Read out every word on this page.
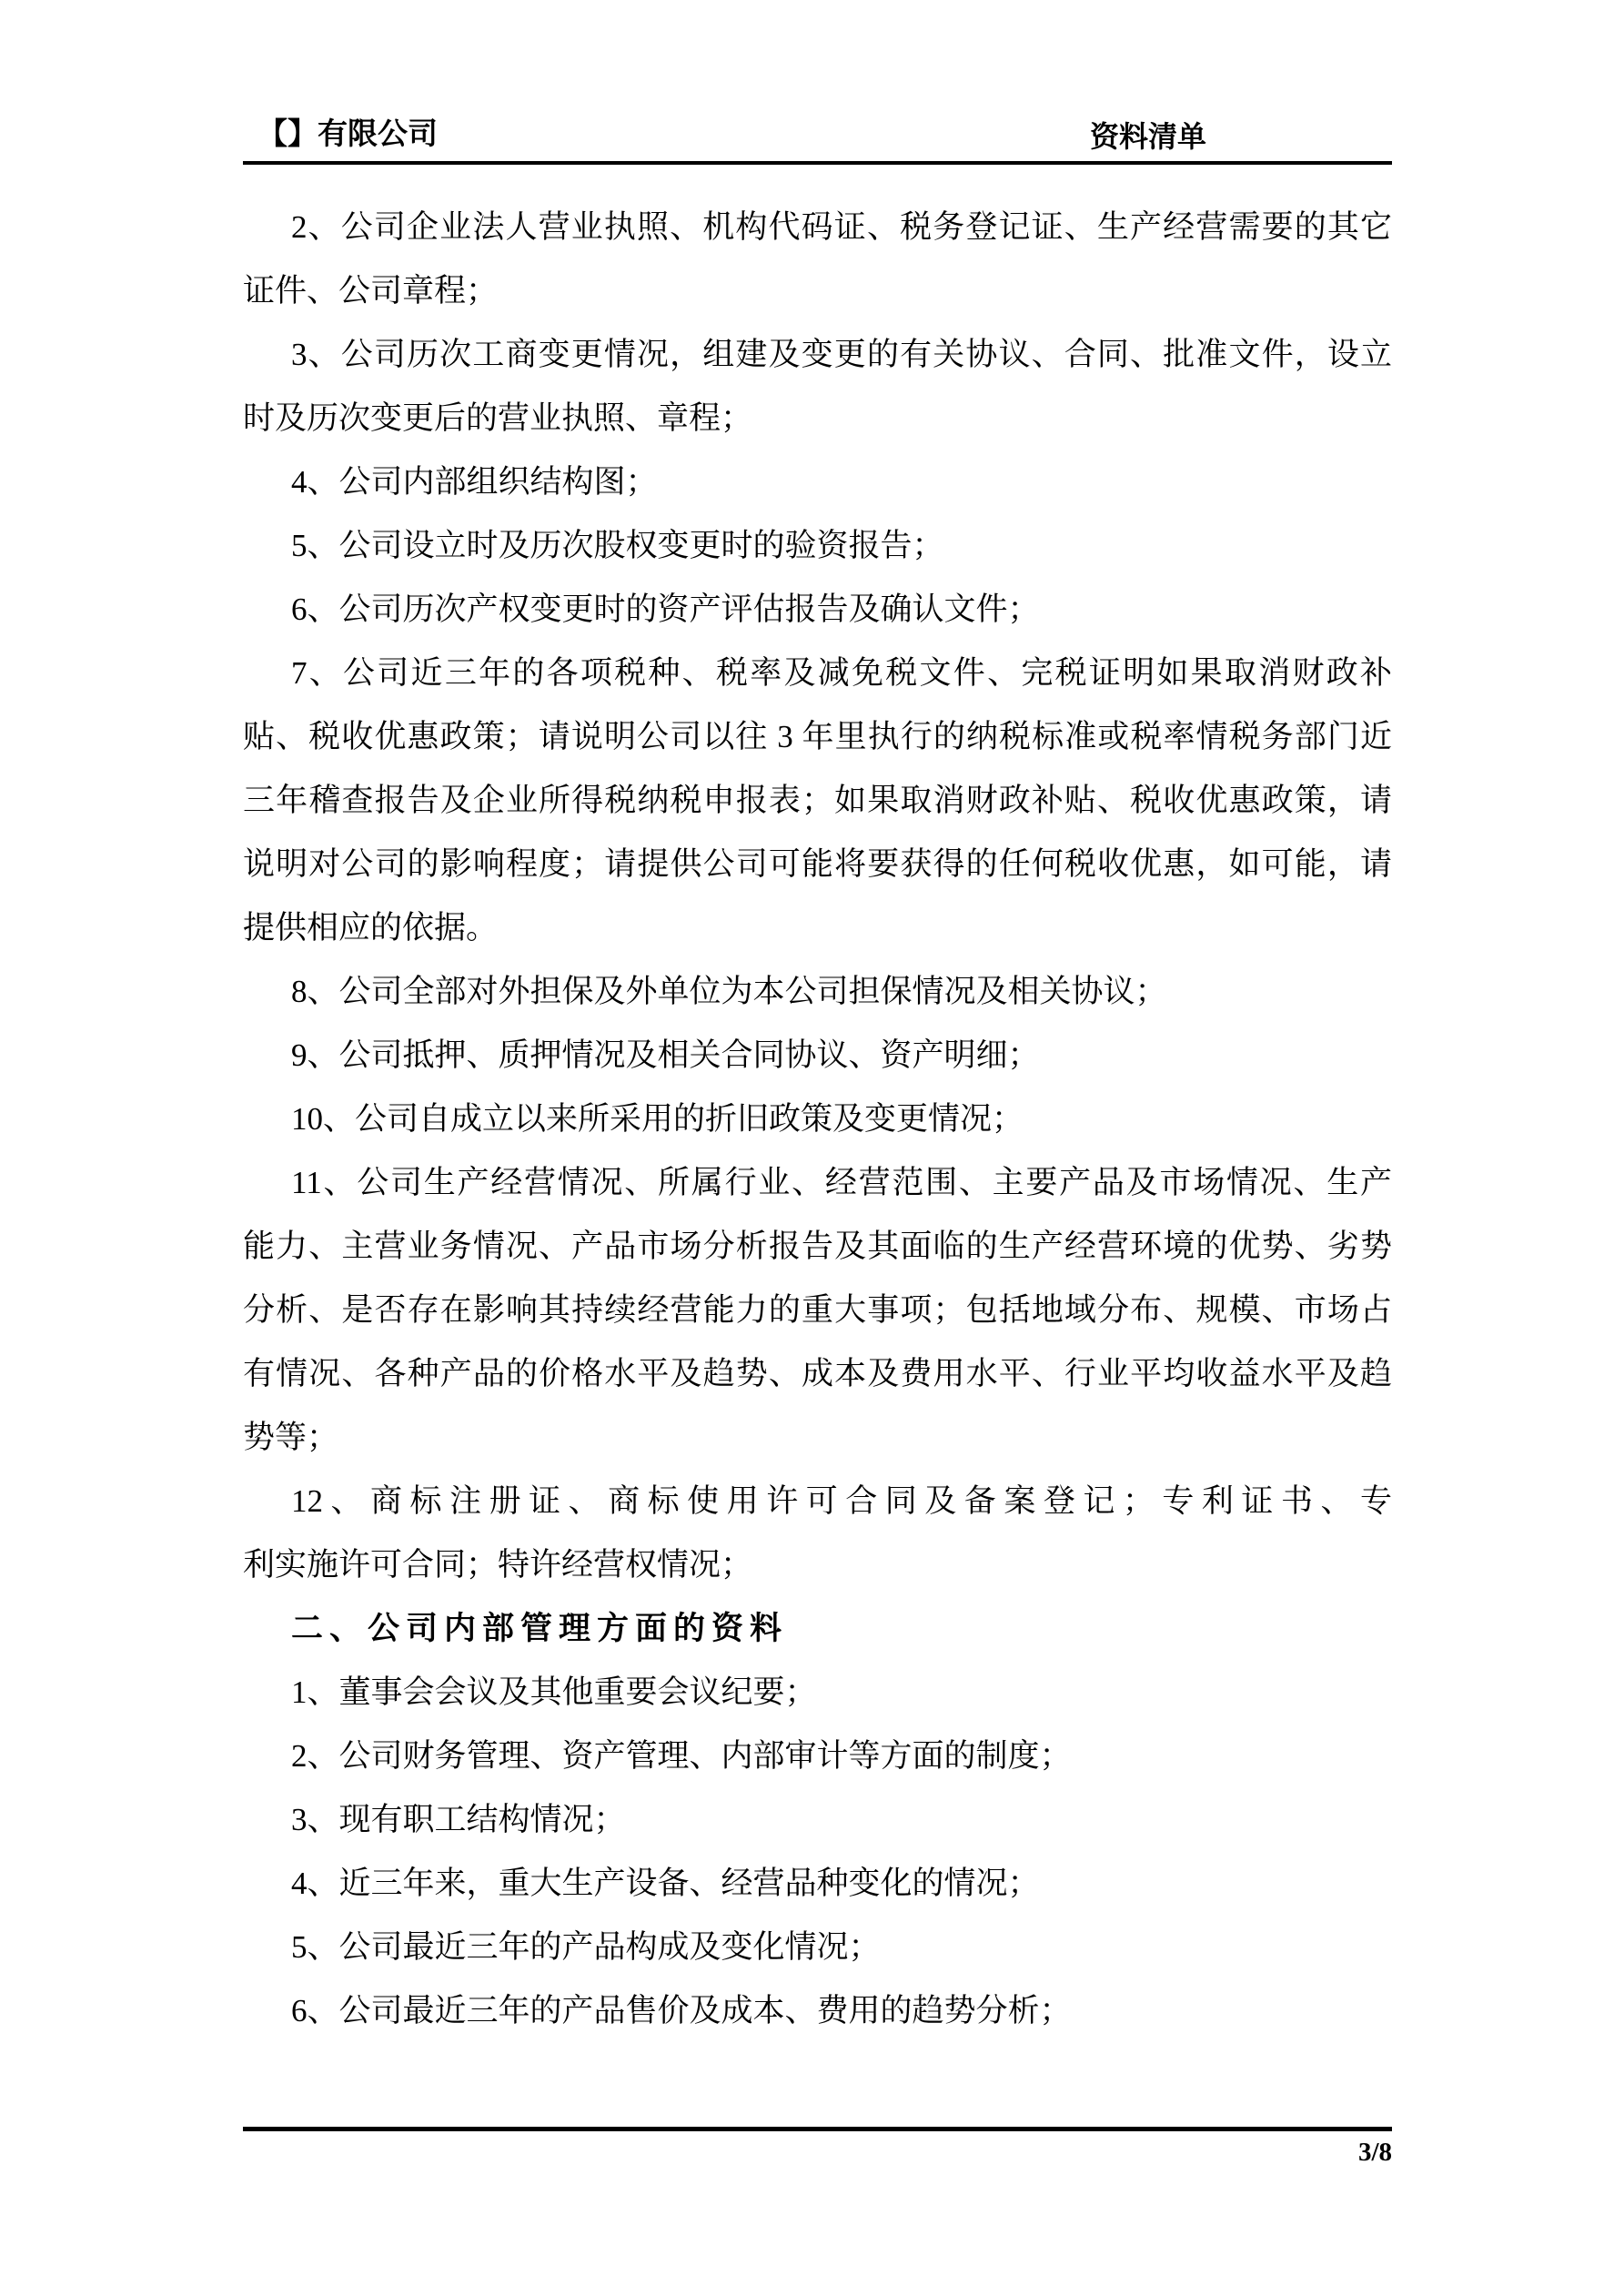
【】有限公司	资料清单
2、公司企业法人营业执照、机构代码证、税务登记证、生产经营需要的其它
证件、公司章程；
3、公司历次工商变更情况，组建及变更的有关协议、合同、批准文件，设立
时及历次变更后的营业执照、章程；
4、公司内部组织结构图；
5、公司设立时及历次股权变更时的验资报告；
6、公司历次产权变更时的资产评估报告及确认文件；
7、公司近三年的各项税种、税率及减免税文件、完税证明如果取消财政补
贴、税收优惠政策；请说明公司以往 3 年里执行的纳税标准或税率情税务部门近
三年稽查报告及企业所得税纳税申报表；如果取消财政补贴、税收优惠政策，请
说明对公司的影响程度；请提供公司可能将要获得的任何税收优惠，如可能，请
提供相应的依据。
8、公司全部对外担保及外单位为本公司担保情况及相关协议；
9、公司抵押、质押情况及相关合同协议、资产明细；
10、公司自成立以来所采用的折旧政策及变更情况；
11、公司生产经营情况、所属行业、经营范围、主要产品及市场情况、生产
能力、主营业务情况、产品市场分析报告及其面临的生产经营环境的优势、劣势
分析、是否存在影响其持续经营能力的重大事项；包括地域分布、规模、市场占
有情况、各种产品的价格水平及趋势、成本及费用水平、行业平均收益水平及趋
势等；
12、商标注册证、商标使用许可合同及备案登记；专利证书、专
利实施许可合同；特许经营权情况；
二、公司内部管理方面的资料
1、董事会会议及其他重要会议纪要；
2、公司财务管理、资产管理、内部审计等方面的制度；
3、现有职工结构情况；
4、近三年来，重大生产设备、经营品种变化的情况；
5、公司最近三年的产品构成及变化情况；
6、公司最近三年的产品售价及成本、费用的趋势分析；
3/8
